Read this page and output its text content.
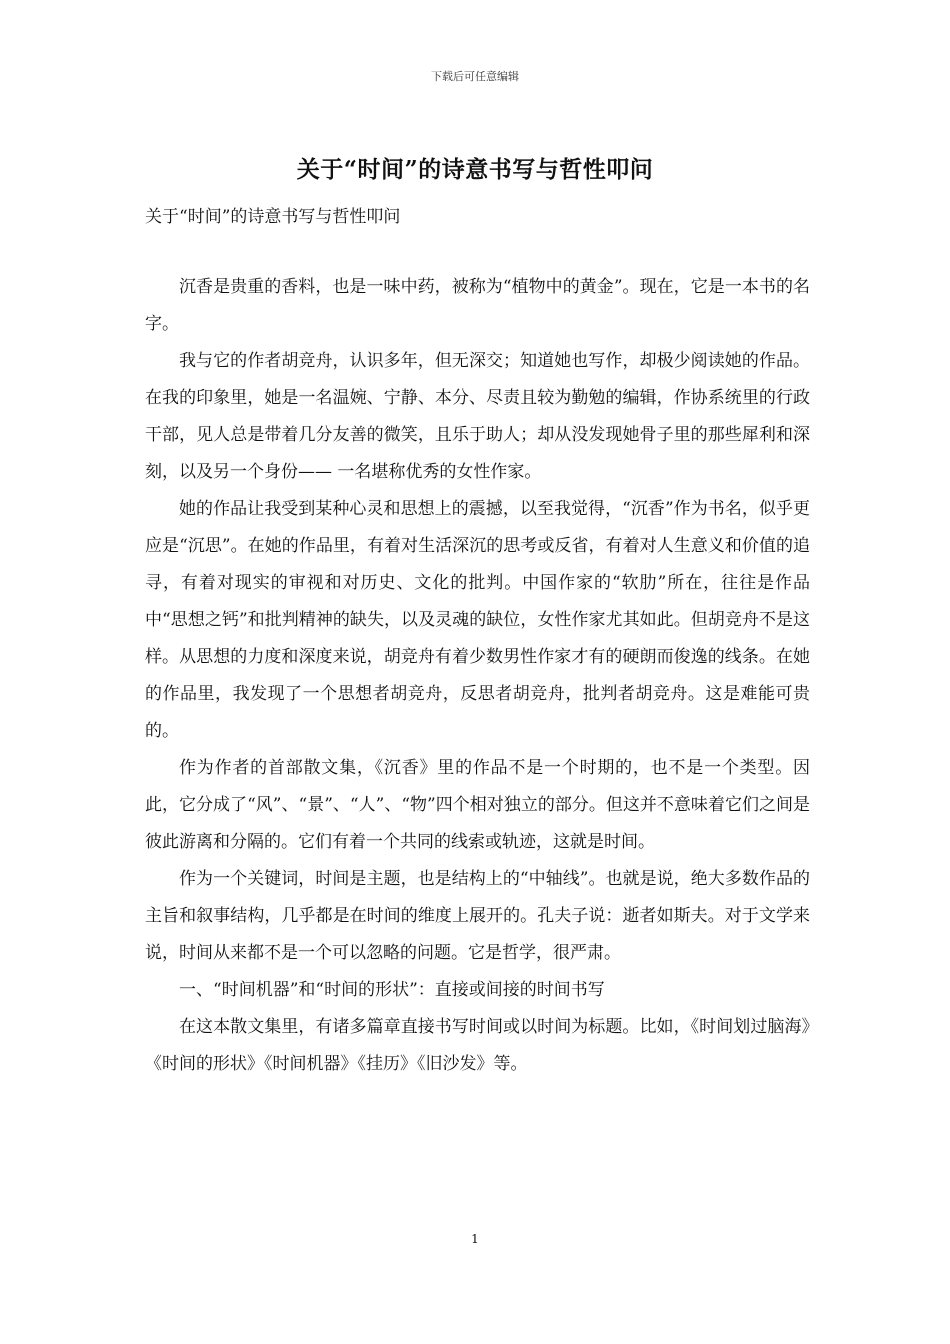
下载后可任意编辑
关于“时间”的诗意书写与哲性叩问
关于“时间”的诗意书写与哲性叩问

沉香是贵重的香料，也是一味中药，被称为“植物中的黄金”。现在，它是一本书的名字。

我与它的作者胡竞舟，认识多年，但无深交；知道她也写作，却极少阅读她的作品。在我的印象里，她是一名温婉、宁静、本分、尽责且较为勤勉的编辑，作协系统里的行政干部，见人总是带着几分友善的微笑，且乐于助人；却从没发现她骨子里的那些犀利和深刻，以及另一个身份—— 一名堪称优秀的女性作家。

她的作品让我受到某种心灵和思想上的震撼，以至我觉得，“沉香”作为书名，似乎更应是“沉思”。在她的作品里，有着对生活深沉的思考或反省，有着对人生意义和价值的追寻，有着对现实的审视和对历史、文化的批判。中国作家的“软肋”所在，往往是作品中“思想之钙”和批判精神的缺失，以及灵魂的缺位，女性作家尤其如此。但胡竞舟不是这样。从思想的力度和深度来说，胡竞舟有着少数男性作家才有的硬朗而俊逸的线条。在她的作品里，我发现了一个思想者胡竞舟，反思者胡竞舟，批判者胡竞舟。这是难能可贵的。

作为作者的首部散文集，《沉香》里的作品不是一个时期的，也不是一个类型。因此，它分成了“风”、“景”、“人”、“物”四个相对独立的部分。但这并不意味着它们之间是彼此游离和分隔的。它们有着一个共同的线索或轨迹，这就是时间。

作为一个关键词，时间是主题，也是结构上的“中轴线”。也就是说，绝大多数作品的主旨和叙事结构，几乎都是在时间的维度上展开的。孔夫子说：逝者如斯夫。对于文学来说，时间从来都不是一个可以忽略的问题。它是哲学，很严肃。

一、“时间机器”和“时间的形状”：直接或间接的时间书写

在这本散文集里，有诸多篇章直接书写时间或以时间为标题。比如，《时间划过脑海》《时间的形状》《时间机器》《挂历》《旧沙发》等。

1
